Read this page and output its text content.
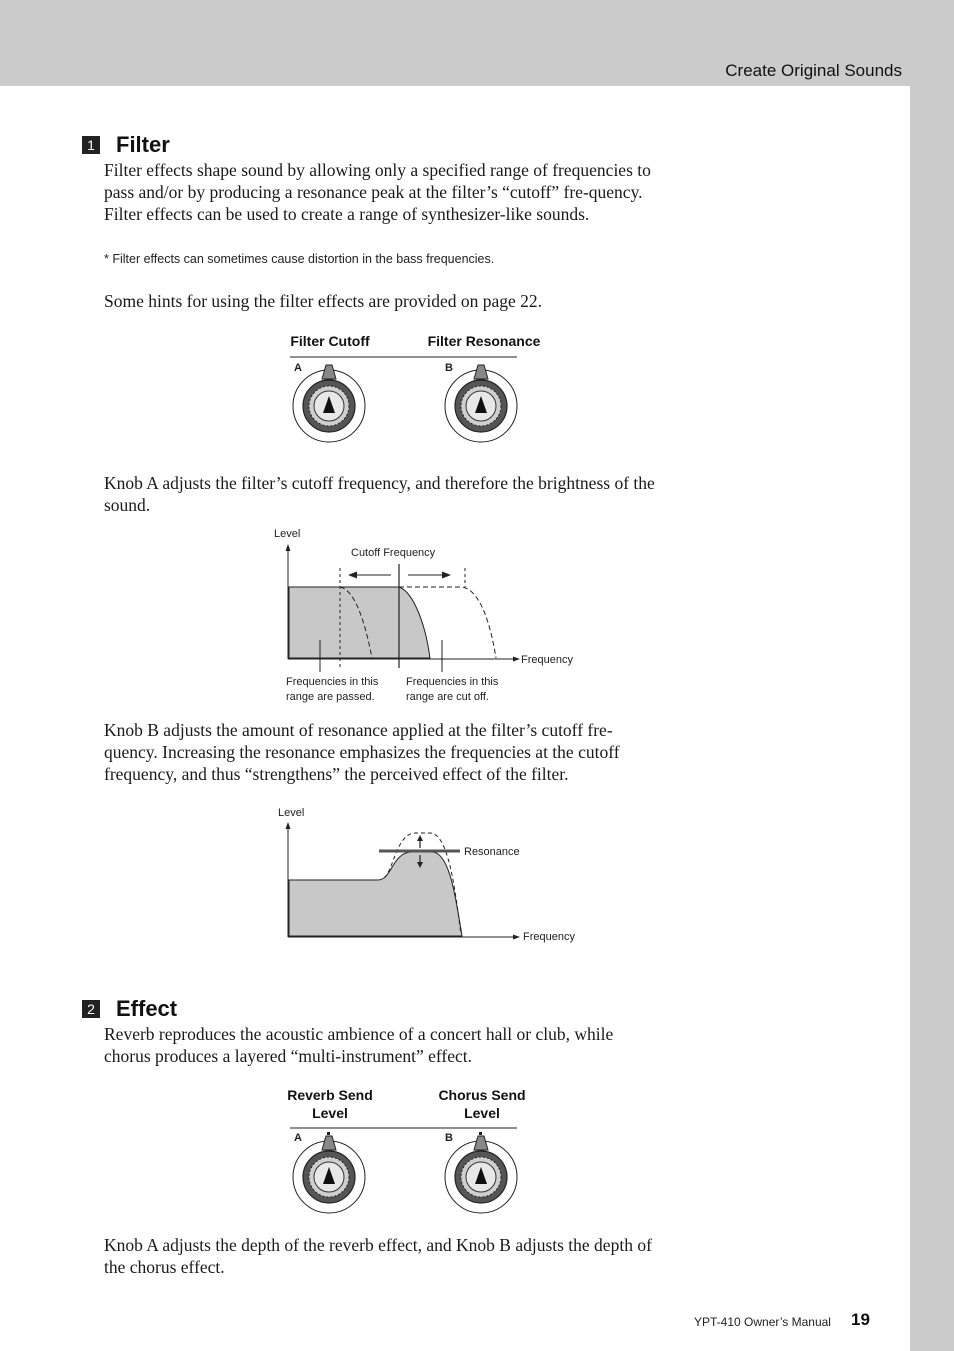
Create Original Sounds
1 Filter

Filter effects shape sound by allowing only a specified range of frequencies to pass and/or by producing a resonance peak at the filter’s “cutoff” fre-quency. Filter effects can be used to create a range of synthesizer-like sounds.

* Filter effects can sometimes cause distortion in the bass frequencies.

Some hints for using the filter effects are provided on page 22.

Filter Cutoff	Filter Resonance
A	B

Knob A adjusts the filter’s cutoff frequency, and therefore the brightness of the sound.

Level
Cutoff Frequency
Frequency
Frequencies in this
range are passed.
Frequencies in this
range are cut off.

Knob B adjusts the amount of resonance applied at the filter’s cutoff fre-quency. Increasing the resonance emphasizes the frequencies at the cutoff frequency, and thus “strengthens” the perceived effect of the filter.

Level
Frequency
Resonance
2 Effect

Reverb reproduces the acoustic ambience of a concert hall or club, while chorus produces a layered “multi-instrument” effect.

Reverb Send
Level
Chorus Send
Level
A	B

Knob A adjusts the depth of the reverb effect, and Knob B adjusts the depth of the chorus effect.

YPT-410 Owner’s Manual 19
